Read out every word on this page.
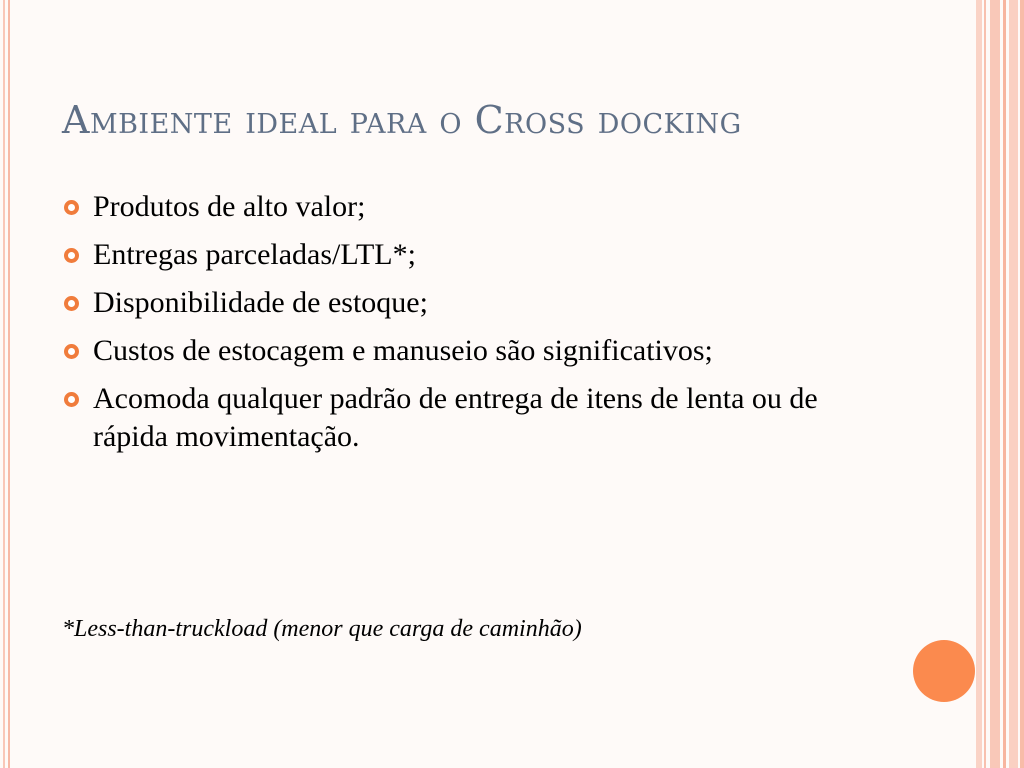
Ambiente ideal para o Cross docking
Produtos de alto valor;
Entregas parceladas/LTL*;
Disponibilidade de estoque;
Custos de estocagem e manuseio são significativos;
Acomoda qualquer padrão de entrega de itens de lenta ou de rápida movimentação.
*Less-than-truckload (menor que carga de caminhão)
